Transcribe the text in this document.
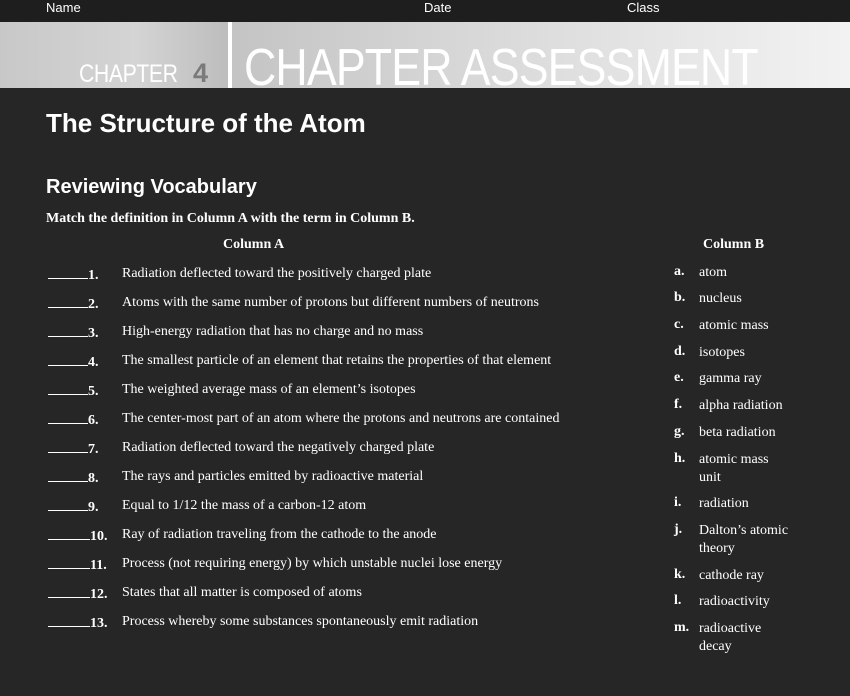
Name	Date	Class
CHAPTER 4 CHAPTER ASSESSMENT
The Structure of the Atom
Reviewing Vocabulary
Match the definition in Column A with the term in Column B.
Column A	Column B
1. Radiation deflected toward the positively charged plate
2. Atoms with the same number of protons but different numbers of neutrons
3. High-energy radiation that has no charge and no mass
4. The smallest particle of an element that retains the properties of that element
5. The weighted average mass of an element’s isotopes
6. The center-most part of an atom where the protons and neutrons are contained
7. Radiation deflected toward the negatively charged plate
8. The rays and particles emitted by radioactive material
9. Equal to 1/12 the mass of a carbon-12 atom
10. Ray of radiation traveling from the cathode to the anode
11. Process (not requiring energy) by which unstable nuclei lose energy
12. States that all matter is composed of atoms
13. Process whereby some substances spontaneously emit radiation
a.	atom
b. nucleus
c.	atomic mass
d. isotopes
e.	gamma ray
f.	alpha radiation
g.	beta radiation
h. atomic mass unit
i.	radiation
j.	Dalton’s atomic theory
k. cathode ray
l.	radioactivity
m. radioactive decay
